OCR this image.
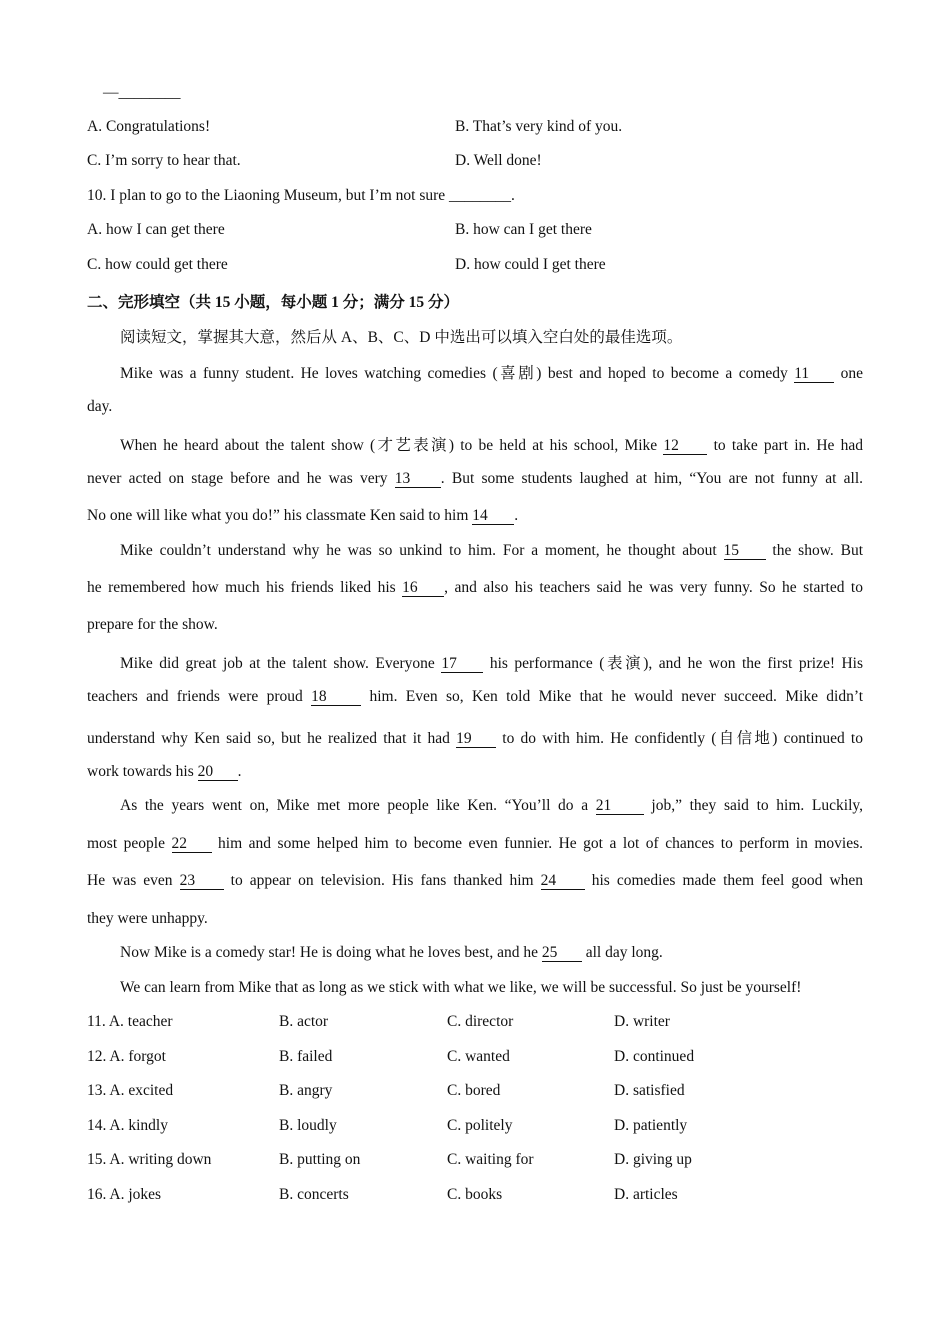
—________
A. Congratulations!	B. That’s very kind of you.
C. I’m sorry to hear that.	D. Well done!
10. I plan to go to the Liaoning Museum, but I’m not sure ________.
A. how I can get there	B. how can I get there
C. how could get there	D. how could I get there
二、完形填空（共 15 小题，每小题 1 分；满分 15 分）
阅读短文，掌握其大意，然后从 A、B、C、D 中选出可以填入空白处的最佳选项。
Mike was a funny student. He loves watching comedies (喜剧) best and hoped to become a comedy 11 one
day.
When he heard about the talent show (才艺表演) to be held at his school, Mike 12 to take part in. He had
never acted on stage before and he was very 13 . But some students laughed at him, “You are not funny at all.
No one will like what you do!” his classmate Ken said to him 14 .
Mike couldn’t understand why he was so unkind to him. For a moment, he thought about 15 the show. But
he remembered how much his friends liked his 16 , and also his teachers said he was very funny. So he started to
prepare for the show.
Mike did great job at the talent show. Everyone 17 his performance (表演), and he won the first prize! His
teachers and friends were proud 18	him. Even so, Ken told Mike that he would never succeed. Mike didn’t
understand why Ken said so, but he realized that it had 19 to do with him. He confidently (自信地) continued to
work towards his 20 .
As the years went on, Mike met more people like Ken. “You’ll do a 21	job,” they said to him. Luckily,
most people 22 him and some helped him to become even funnier. He got a lot of chances to perform in movies.
He was even 23 to appear on television. His fans thanked him 24 his comedies made them feel good when
they were unhappy.
Now Mike is a comedy star! He is doing what he loves best, and he 25 all day long.
We can learn from Mike that as long as we stick with what we like, we will be successful. So just be yourself!
11. A. teacher	B. actor	C. director	D. writer
12. A. forgot	B. failed	C. wanted	D. continued
13. A. excited	B. angry	C. bored	D. satisfied
14. A. kindly	B. loudly	C. politely	D. patiently
15. A. writing down	B. putting on	C. waiting for	D. giving up
16. A. jokes	B. concerts	C. books	D. articles
